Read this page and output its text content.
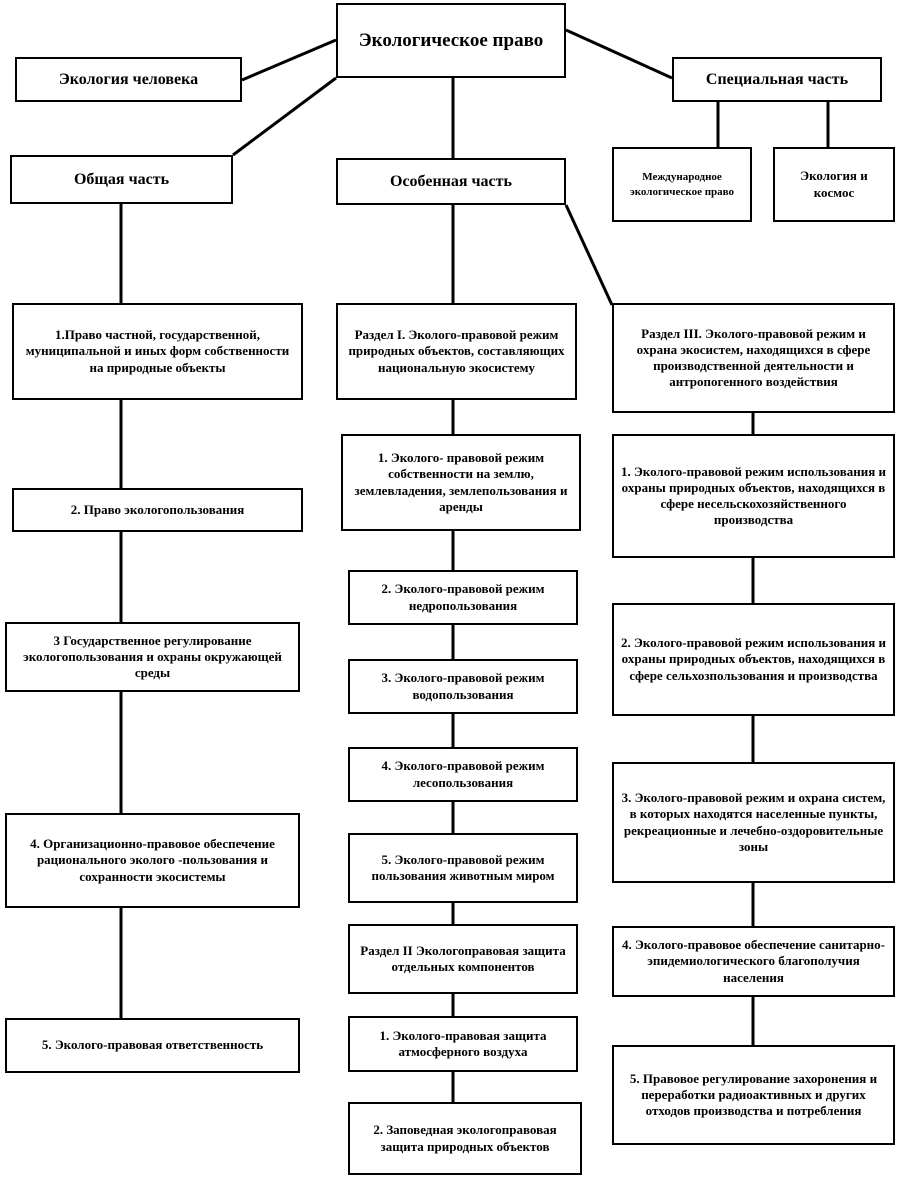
Экологическое право
Экология человека	Специальная часть
Международное экологическое право
Экология и космос
Общая часть
1.Право частной, государственной, муниципальной и иных форм собственности на природные объекты
2. Право экологопользования
3 Государственное регулирование экологопользования и охраны окружающей среды
4. Организационно-правовое обеспечение рационального эколого -пользования и сохранности экосистемы
5. Эколого-правовая ответственность
Особенная часть
Раздел I. Эколого-правовой режим природных объектов, составляющих национальную экосистему
1. Эколого- правовой режим собственности на землю, землевладения, землепользования и аренды
2. Эколого-правовой режим недропользования
3. Эколого-правовой режим водопользования
4. Эколого-правовой режим лесопользования
5. Эколого-правовой режим пользования животным миром
Раздел II Экологоправовая защита отдельных компонентов
1. Эколого-правовая защита атмосферного воздуха
2. Заповедная экологоправовая защита природных объектов
Раздел III. Эколого-правовой режим и охрана экосистем, находящихся в сфере производственной деятельности и антропогенного воздействия
1. Эколого-правовой режим использования и охраны природных объектов, находящихся в сфере несельскохозяйственного производства
2. Эколого-правовой режим использования и охраны природных объектов, находящихся в сфере сельхозпользования и производства
3. Эколого-правовой режим и охрана систем, в которых находятся населенные пункты, рекреационные и лечебно-оздоровительные зоны
4. Эколого-правовое обеспечение санитарно-эпидемиологического благополучия населения
5. Правовое регулирование захоронения и переработки радиоактивных и других отходов производства и потребления
